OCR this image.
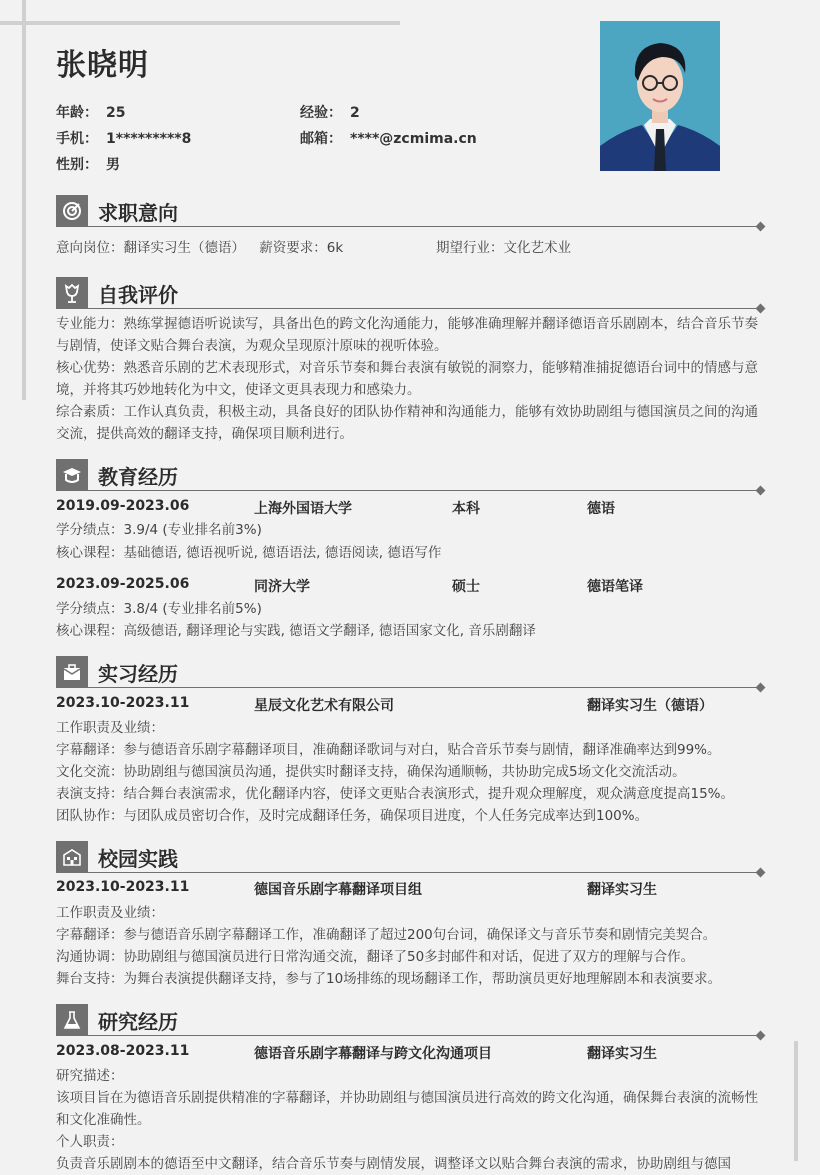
张晓明
年龄： 25	经验： 2
手机： 1*********8	邮箱： ****@zcmima.cn
性别： 男
求职意向
意向岗位：翻译实习生（德语） 薪资要求：6k	期望行业：文化艺术业
自我评价
专业能力：熟练掌握德语听说读写，具备出色的跨文化沟通能力，能够准确理解并翻译德语音乐剧剧本，结合音乐节奏与剧情，使译文贴合舞台表演，为观众呈现原汁原味的视听体验。
核心优势：熟悉音乐剧的艺术表现形式，对音乐节奏和舞台表演有敏锐的洞察力，能够精准捕捉德语台词中的情感与意境，并将其巧妙地转化为中文，使译文更具表现力和感染力。
综合素质：工作认真负责，积极主动，具备良好的团队协作精神和沟通能力，能够有效协助剧组与德国演员之间的沟通交流，提供高效的翻译支持，确保项目顺利进行。
教育经历
2019.09-2023.06	上海外国语大学	本科	德语
学分绩点：3.9/4 (专业排名前3%)
核心课程：基础德语, 德语视听说, 德语语法, 德语阅读, 德语写作
2023.09-2025.06	同济大学	硕士	德语笔译
学分绩点：3.8/4 (专业排名前5%)
核心课程：高级德语, 翻译理论与实践, 德语文学翻译, 德语国家文化, 音乐剧翻译
实习经历
2023.10-2023.11	星辰文化艺术有限公司	翻译实习生（德语）
工作职责及业绩：
字幕翻译：参与德语音乐剧字幕翻译项目，准确翻译歌词与对白，贴合音乐节奏与剧情，翻译准确率达到99%。
文化交流：协助剧组与德国演员沟通，提供实时翻译支持，确保沟通顺畅，共协助完成5场文化交流活动。
表演支持：结合舞台表演需求，优化翻译内容，使译文更贴合表演形式，提升观众理解度，观众满意度提高15%。
团队协作：与团队成员密切合作，及时完成翻译任务，确保项目进度，个人任务完成率达到100%。
校园实践
2023.10-2023.11	德国音乐剧字幕翻译项目组	翻译实习生
工作职责及业绩：
字幕翻译：参与德语音乐剧字幕翻译工作，准确翻译了超过200句台词，确保译文与音乐节奏和剧情完美契合。
沟通协调：协助剧组与德国演员进行日常沟通交流，翻译了50多封邮件和对话，促进了双方的理解与合作。
舞台支持：为舞台表演提供翻译支持，参与了10场排练的现场翻译工作，帮助演员更好地理解剧本和表演要求。
研究经历
2023.08-2023.11	德语音乐剧字幕翻译与跨文化沟通项目	翻译实习生
研究描述：
该项目旨在为德语音乐剧提供精准的字幕翻译，并协助剧组与德国演员进行高效的跨文化沟通，确保舞台表演的流畅性和文化准确性。
个人职责：
负责音乐剧剧本的德语至中文翻译，结合音乐节奏与剧情发展，调整译文以贴合舞台表演的需求，协助剧组与德国
